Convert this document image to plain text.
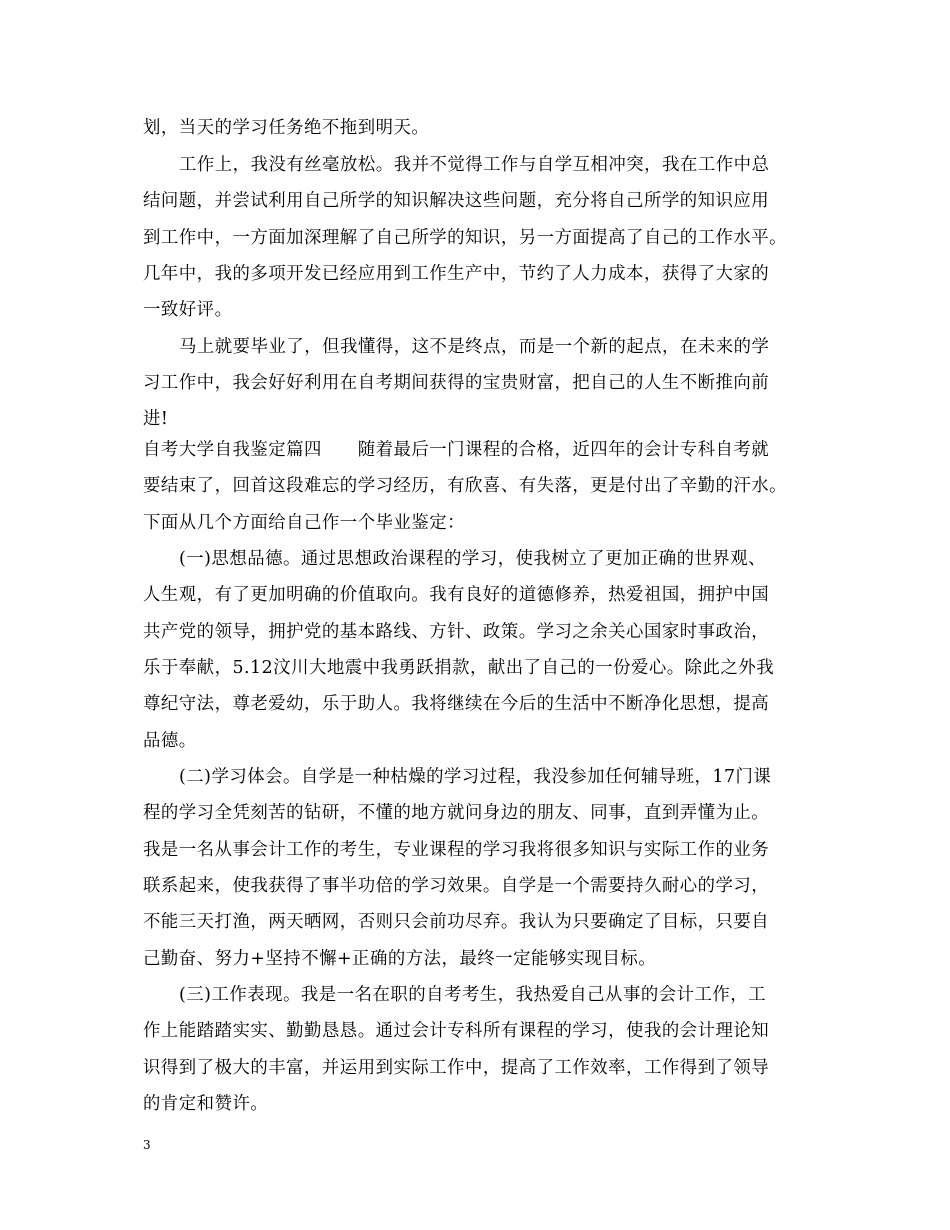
划，当天的学习任务绝不拖到明天。
工作上，我没有丝毫放松。我并不觉得工作与自学互相冲突，我在工作中总
结问题，并尝试利用自己所学的知识解决这些问题，充分将自己所学的知识应用
到工作中，一方面加深理解了自己所学的知识，另一方面提高了自己的工作水平。
几年中，我的多项开发已经应用到工作生产中，节约了人力成本，获得了大家的
一致好评。
马上就要毕业了，但我懂得，这不是终点，而是一个新的起点，在未来的学
习工作中，我会好好利用在自考期间获得的宝贵财富，把自己的人生不断推向前
进!
自考大学自我鉴定篇四　　随着最后一门课程的合格，近四年的会计专科自考就
要结束了，回首这段难忘的学习经历，有欣喜、有失落，更是付出了辛勤的汗水。
下面从几个方面给自己作一个毕业鉴定：
(一)思想品德。通过思想政治课程的学习，使我树立了更加正确的世界观、
人生观，有了更加明确的价值取向。我有良好的道德修养，热爱祖国，拥护中国
共产党的领导，拥护党的基本路线、方针、政策。学习之余关心国家时事政治，
乐于奉献，5.12汶川大地震中我勇跃捐款，献出了自己的一份爱心。除此之外我
尊纪守法，尊老爱幼，乐于助人。我将继续在今后的生活中不断净化思想，提高
品德。
(二)学习体会。自学是一种枯燥的学习过程，我没参加任何辅导班，17门课
程的学习全凭刻苦的钻研，不懂的地方就问身边的朋友、同事，直到弄懂为止。
我是一名从事会计工作的考生，专业课程的学习我将很多知识与实际工作的业务
联系起来，使我获得了事半功倍的学习效果。自学是一个需要持久耐心的学习，
不能三天打渔，两天晒网，否则只会前功尽弃。我认为只要确定了目标，只要自
己勤奋、努力+坚持不懈+正确的方法，最终一定能够实现目标。
(三)工作表现。我是一名在职的自考考生，我热爱自己从事的会计工作，工
作上能踏踏实实、勤勤恳恳。通过会计专科所有课程的学习，使我的会计理论知
识得到了极大的丰富，并运用到实际工作中，提高了工作效率，工作得到了领导
的肯定和赞许。
3
